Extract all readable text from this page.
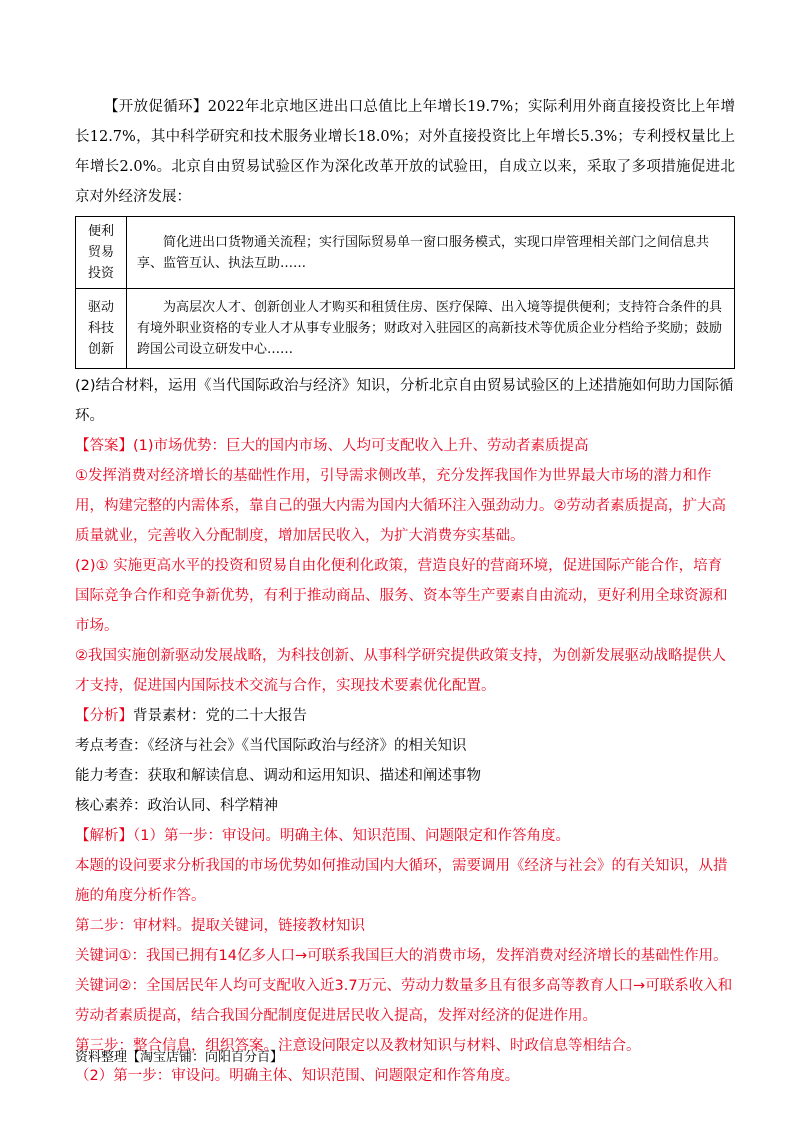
【开放促循环】2022年北京地区进出口总值比上年增长19.7%；实际利用外商直接投资比上年增长12.7%，其中科学研究和技术服务业增长18.0%；对外直接投资比上年增长5.3%；专利授权量比上年增长2.0%。北京自由贸易试验区作为深化改革开放的试验田，自成立以来，采取了多项措施促进北京对外经济发展：

便利贸易投资	简化进出口货物通关流程；实行国际贸易单一窗口服务模式，实现口岸管理相关部门之间信息共享、监管互认、执法互助……
驱动科技创新	为高层次人才、创新创业人才购买和租赁住房、医疗保障、出入境等提供便利；支持符合条件的具有境外职业资格的专业人才从事专业服务；财政对入驻园区的高新技术等优质企业分档给予奖励；鼓励跨国公司设立研发中心……

(2)结合材料，运用《当代国际政治与经济》知识，分析北京自由贸易试验区的上述措施如何助力国际循环。

【答案】(1)市场优势：巨大的国内市场、人均可支配收入上升、劳动者素质提高

①发挥消费对经济增长的基础性作用，引导需求侧改革，充分发挥我国作为世界最大市场的潜力和作用，构建完整的内需体系，靠自己的强大内需为国内大循环注入强劲动力。②劳动者素质提高，扩大高质量就业，完善收入分配制度，增加居民收入，为扩大消费夯实基础。

(2)① 实施更高水平的投资和贸易自由化便利化政策，营造良好的营商环境，促进国际产能合作，培育国际竞争合作和竞争新优势，有利于推动商品、服务、资本等生产要素自由流动，更好利用全球资源和市场。

②我国实施创新驱动发展战略，为科技创新、从事科学研究提供政策支持，为创新发展驱动战略提供人才支持，促进国内国际技术交流与合作，实现技术要素优化配置。

【分析】背景素材：党的二十大报告

考点考查：《经济与社会》《当代国际政治与经济》的相关知识

能力考查：获取和解读信息、调动和运用知识、描述和阐述事物

核心素养：政治认同、科学精神

【解析】（1）第一步：审设问。明确主体、知识范围、问题限定和作答角度。

本题的设问要求分析我国的市场优势如何推动国内大循环，需要调用《经济与社会》的有关知识，从措施的角度分析作答。

第二步：审材料。提取关键词，链接教材知识

关键词①：我国已拥有14亿多人口→可联系我国巨大的消费市场，发挥消费对经济增长的基础性作用。

关键词②：全国居民年人均可支配收入近3.7万元、劳动力数量多且有很多高等教育人口→可联系收入和劳动者素质提高，结合我国分配制度促进居民收入提高，发挥对经济的促进作用。

第三步：整合信息，组织答案。注意设问限定以及教材知识与材料、时政信息等相结合。

（2）第一步：审设问。明确主体、知识范围、问题限定和作答角度。

资料整理【淘宝店铺：向阳百分百】
